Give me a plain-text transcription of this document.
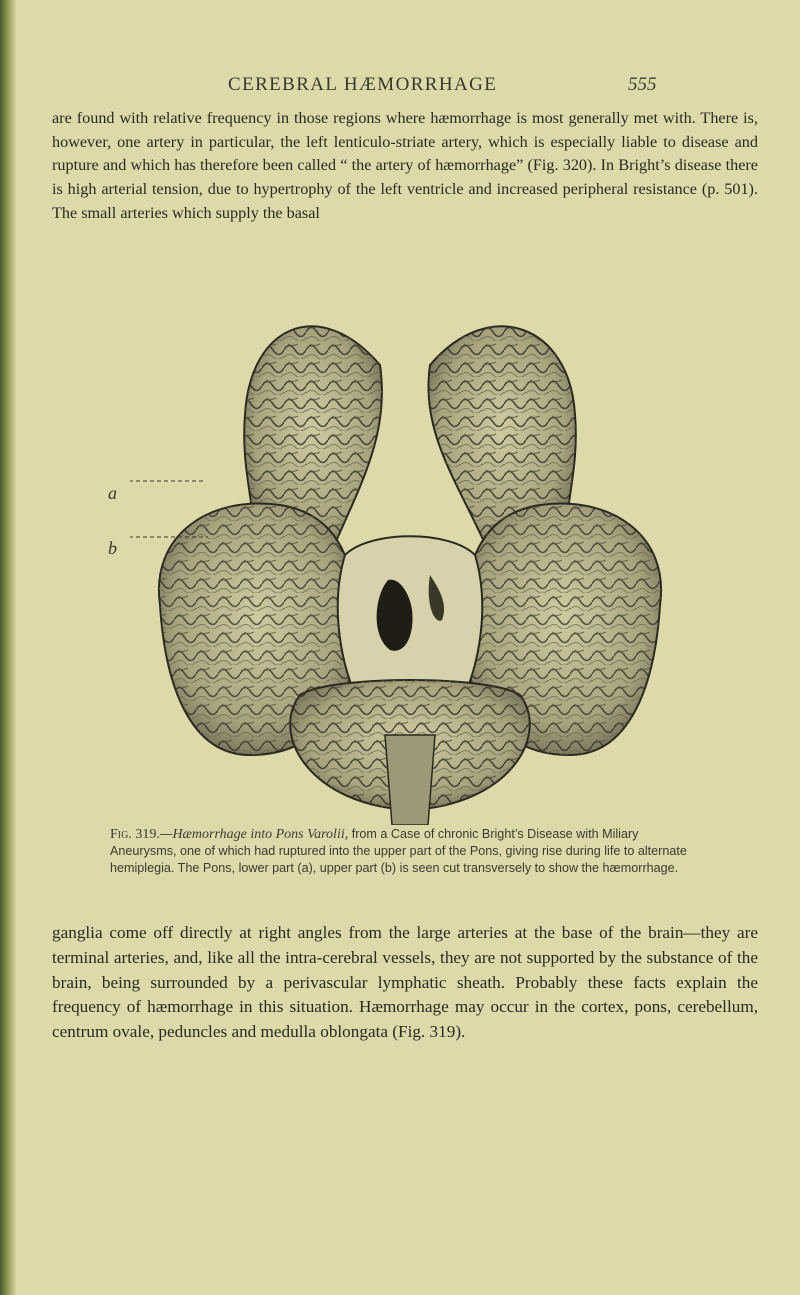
CEREBRAL HÆMORRHAGE	555

are found with relative frequency in those regions where hæmorrhage is most generally met with. There is, however, one artery in particular, the left lenticulo-striate artery, which is especially liable to disease and rupture and which has therefore been called “ the artery of hæmorrhage” (Fig. 320). In Bright’s disease there is high arterial tension, due to hypertrophy of the left ventricle and increased peripheral resistance (p. 501). The small arteries which supply the basal

a
b

Fig. 319.—Hæmorrhage into Pons Varolii, from a Case of chronic Bright’s Disease with Miliary Aneurysms, one of which had ruptured into the upper part of the Pons, giving rise during life to alternate hemiplegia. The Pons, lower part (a), upper part (b) is seen cut transversely to show the hæmorrhage.

ganglia come off directly at right angles from the large arteries at the base of the brain—they are terminal arteries, and, like all the intra-cerebral vessels, they are not supported by the substance of the brain, being surrounded by a perivascular lymphatic sheath. Probably these facts explain the frequency of hæmorrhage in this situation. Hæmorrhage may occur in the cortex, pons, cerebellum, centrum ovale, peduncles and medulla oblongata (Fig. 319).
